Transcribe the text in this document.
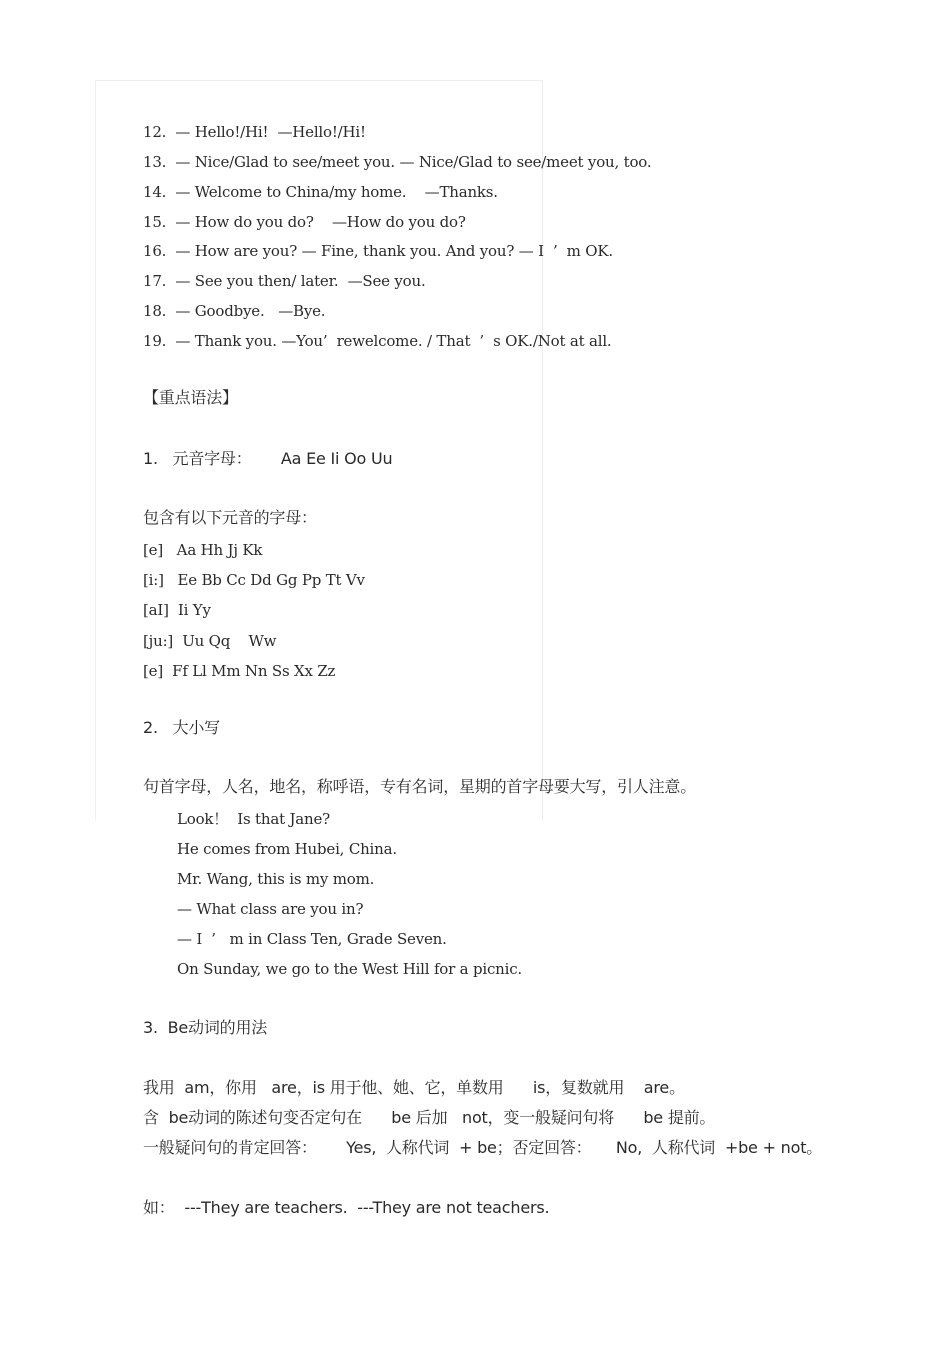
12.  — Hello!/Hi!  —Hello!/Hi!
13.  — Nice/Glad to see/meet you. — Nice/Glad to see/meet you, too.
14.  — Welcome to China/my home.    —Thanks.
15.  — How do you do?    —How do you do?
16.  — How are you? — Fine, thank you. And you? — I  ’  m OK.
17.  — See you then/ later.  —See you.
18.  — Goodbye.   —Bye.
19.  — Thank you. —You’  rewelcome. / That  ’  s OK./Not at all.
【重点语法】
1.   元音字母：      Aa Ee Ii Oo Uu
包含有以下元音的字母：
[e]   Aa Hh Jj Kk
[i:]   Ee Bb Cc Dd Gg Pp Tt Vv
[aI]  Ii Yy
[ju:]  Uu Qq    Ww
[e]  Ff Ll Mm Nn Ss Xx Zz
2.   大小写
句首字母，人名，地名，称呼语，专有名词，星期的首字母要大写，引人注意。
Look！  Is that Jane?
He comes from Hubei, China.
Mr. Wang, this is my mom.
— What class are you in?
— I  ’   m in Class Ten, Grade Seven.
On Sunday, we go to the West Hill for a picnic.
3.  Be动词的用法
我用  am，你用   are，is 用于他、她、它，单数用      is，复数就用    are。
含  be动词的陈述句变否定句在      be 后加   not，变一般疑问句将      be 提前。
一般疑问句的肯定回答：      Yes,  人称代词  + be；否定回答：     No,  人称代词  +be + not。
如：  ---They are teachers.  ---They are not teachers.
